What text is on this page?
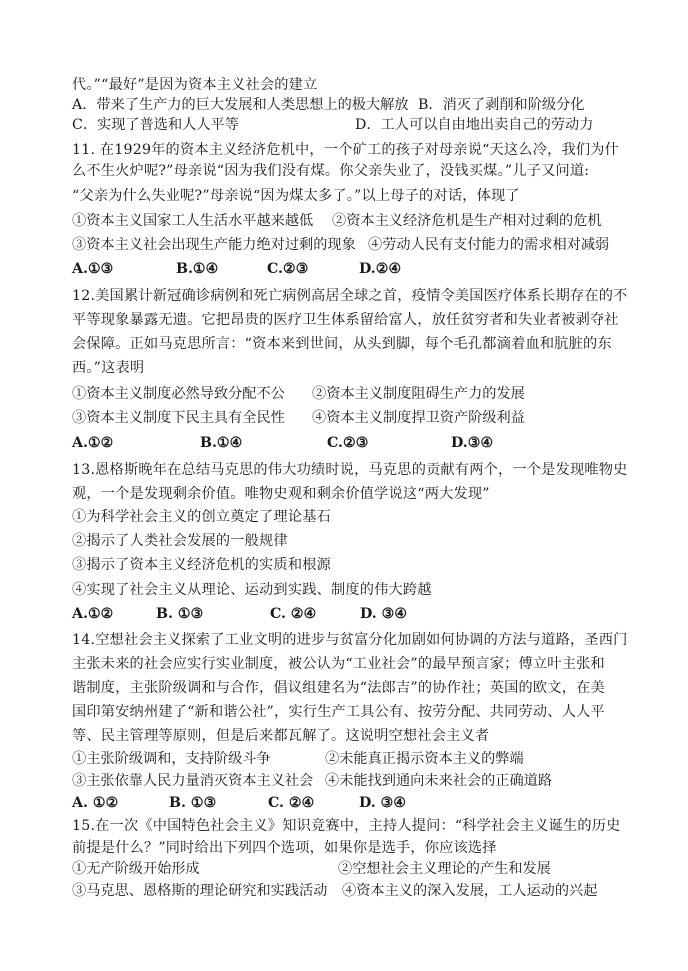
代。”“最好”是因为资本主义社会的建立
A．带来了生产力的巨大发展和人类思想上的极大解放 B．消灭了剥削和阶级分化
C．实现了普选和人人平等	D．工人可以自由地出卖自己的劳动力
11. 在1929年的资本主义经济危机中，一个矿工的孩子对母亲说“天这么冷，我们为什
么不生火炉呢?”母亲说“因为我们没有煤。你父亲失业了，没钱买煤。”儿子又问道:
“父亲为什么失业呢?”母亲说“因为煤太多了。”以上母子的对话，体现了
①资本主义国家工人生活水平越来越低 ②资本主义经济危机是生产相对过剩的危机
③资本主义社会出现生产能力绝对过剩的现象 ④劳动人民有支付能力的需求相对减弱
A.①③	B.①④	C.②③	D.②④
12.美国累计新冠确诊病例和死亡病例高居全球之首，疫情令美国医疗体系长期存在的不
平等现象暴露无遗。它把昂贵的医疗卫生体系留给富人，放任贫穷者和失业者被剥夺社
会保障。正如马克思所言：“资本来到世间，从头到脚，每个毛孔都滴着血和肮脏的东
西。”这表明
①资本主义制度必然导致分配不公 ②资本主义制度阻碍生产力的发展
③资本主义制度下民主具有全民性 ④资本主义制度捍卫资产阶级利益
A.①②	B.①④	C.②③	D.③④
13.恩格斯晚年在总结马克思的伟大功绩时说，马克思的贡献有两个，一个是发现唯物史
观，一个是发现剩余价值。唯物史观和剩余价值学说这“两大发现”
①为科学社会主义的创立奠定了理论基石
②揭示了人类社会发展的一般规律
③揭示了资本主义经济危机的实质和根源
④实现了社会主义从理论、运动到实践、制度的伟大跨越
A.①②	B. ①③	C. ②④	D. ③④
14.空想社会主义探索了工业文明的进步与贫富分化加剧如何协调的方法与道路，圣西门
主张未来的社会应实行实业制度，被公认为“工业社会”的最早预言家；傅立叶主张和
谐制度，主张阶级调和与合作，倡议组建名为“法郎吉”的协作社；英国的欧文，在美
国印第安纳州建了“新和谐公社”，实行生产工具公有、按劳分配、共同劳动、人人平
等、民主管理等原则，但是后来都瓦解了。这说明空想社会主义者
①主张阶级调和，支持阶级斗争	②未能真正揭示资本主义的弊端
③主张依靠人民力量消灭资本主义社会 ④未能找到通向未来社会的正确道路
A. ①②	B. ①③	C. ②④	D. ③④
15.在一次《中国特色社会主义》知识竞赛中，主持人提问：“科学社会主义诞生的历史
前提是什么？”同时给出下列四个选项，如果你是选手，你应该选择
①无产阶级开始形成	②空想社会主义理论的产生和发展
③马克思、恩格斯的理论研究和实践活动 ④资本主义的深入发展，工人运动的兴起
